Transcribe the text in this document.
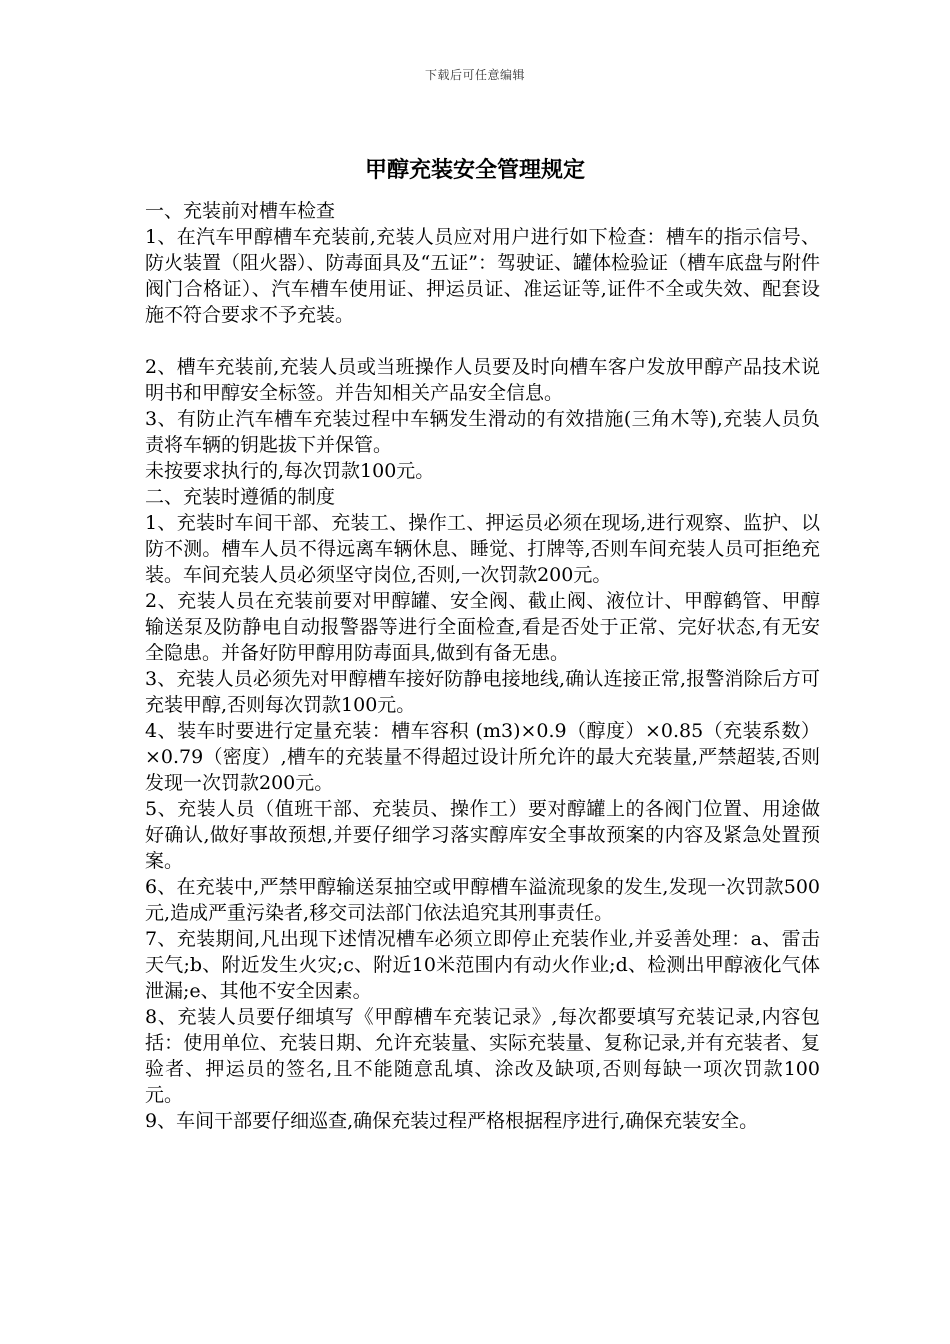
下载后可任意编辑
甲醇充装安全管理规定

一、充装前对槽车检查

1、在汽车甲醇槽车充装前,充装人员应对用户进行如下检查：槽车的指示信号、防火装置（阻火器）、防毒面具及“五证”：驾驶证、罐体检验证（槽车底盘与附件阀门合格证）、汽车槽车使用证、押运员证、准运证等,证件不全或失效、配套设施不符合要求不予充装。

2、槽车充装前,充装人员或当班操作人员要及时向槽车客户发放甲醇产品技术说明书和甲醇安全标签。并告知相关产品安全信息。

3、有防止汽车槽车充装过程中车辆发生滑动的有效措施(三角木等),充装人员负责将车辆的钥匙拔下并保管。

未按要求执行的,每次罚款100元。

二、充装时遵循的制度

1、充装时车间干部、充装工、操作工、押运员必须在现场,进行观察、监护、以防不测。槽车人员不得远离车辆休息、睡觉、打牌等,否则车间充装人员可拒绝充装。车间充装人员必须坚守岗位,否则,一次罚款200元。

2、充装人员在充装前要对甲醇罐、安全阀、截止阀、液位计、甲醇鹤管、甲醇输送泵及防静电自动报警器等进行全面检查,看是否处于正常、完好状态,有无安全隐患。并备好防甲醇用防毒面具,做到有备无患。

3、充装人员必须先对甲醇槽车接好防静电接地线,确认连接正常,报警消除后方可充装甲醇,否则每次罚款100元。

4、装车时要进行定量充装：槽车容积 (m3)×0.9（醇度）×0.85（充装系数）×0.79（密度）,槽车的充装量不得超过设计所允许的最大充装量,严禁超装,否则发现一次罚款200元。

5、充装人员（值班干部、充装员、操作工）要对醇罐上的各阀门位置、用途做好确认,做好事故预想,并要仔细学习落实醇库安全事故预案的内容及紧急处置预案。

6、在充装中,严禁甲醇输送泵抽空或甲醇槽车溢流现象的发生,发现一次罚款500元,造成严重污染者,移交司法部门依法追究其刑事责任。

7、充装期间,凡出现下述情况槽车必须立即停止充装作业,并妥善处理：a、雷击天气;b、附近发生火灾;c、附近10米范围内有动火作业;d、检测出甲醇液化气体泄漏;e、其他不安全因素。

8、充装人员要仔细填写《甲醇槽车充装记录》,每次都要填写充装记录,内容包括：使用单位、充装日期、允许充装量、实际充装量、复称记录,并有充装者、复验者、押运员的签名,且不能随意乱填、涂改及缺项,否则每缺一项次罚款100元。

9、车间干部要仔细巡查,确保充装过程严格根据程序进行,确保充装安全。
